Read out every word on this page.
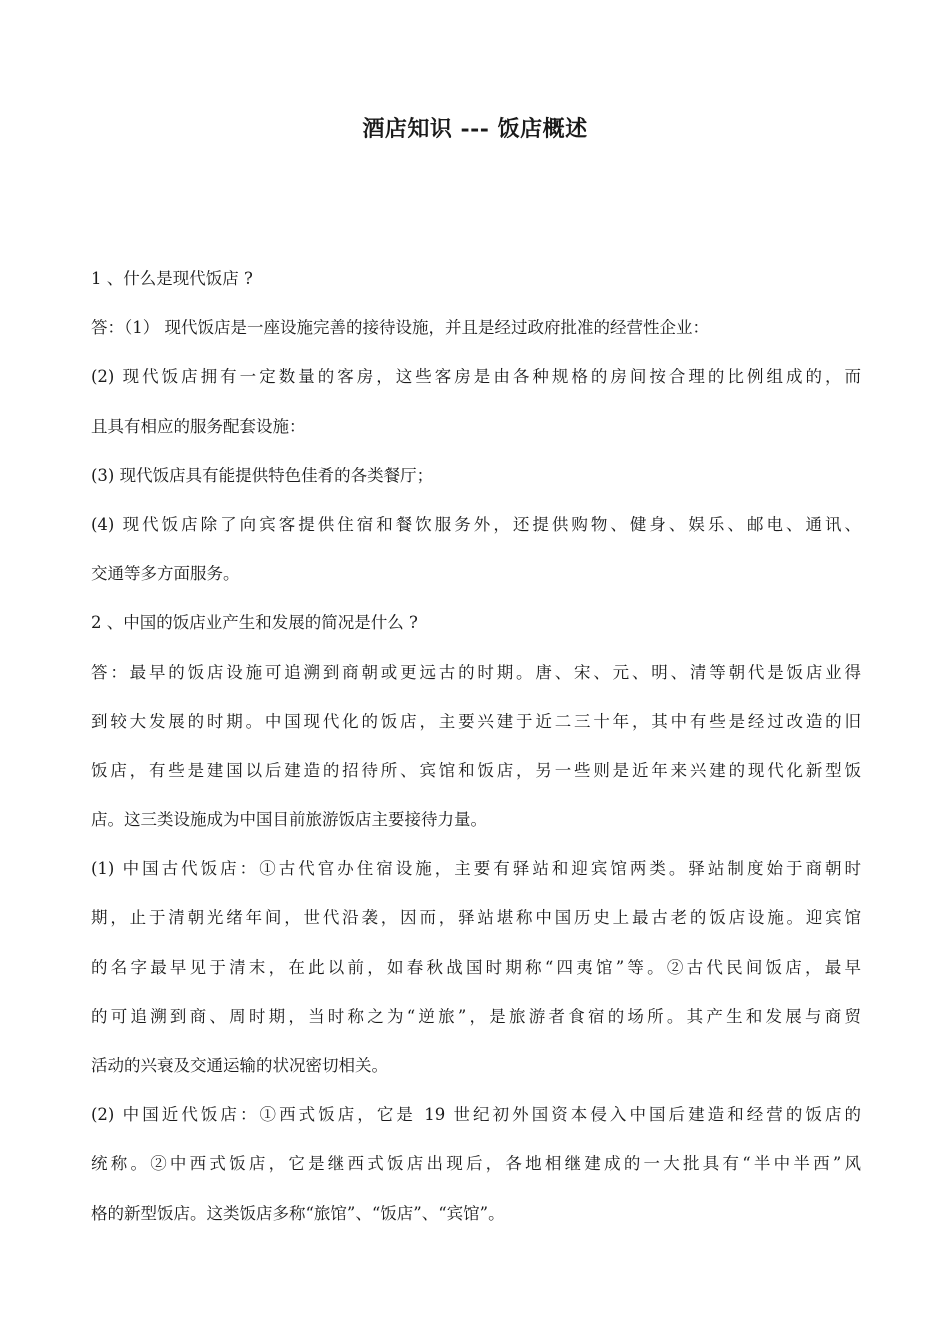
酒店知识 --- 饭店概述
1 、什么是现代饭店 ?
答：（1） 现代饭店是一座设施完善的接待设施，并且是经过政府批准的经营性企业：
(2) 现代饭店拥有一定数量的客房，这些客房是由各种规格的房间按合理的比例组成的，而
且具有相应的服务配套设施：
(3) 现代饭店具有能提供特色佳肴的各类餐厅；
(4) 现代饭店除了向宾客提供住宿和餐饮服务外，还提供购物、健身、娱乐、邮电、通讯、
交通等多方面服务。
2 、中国的饭店业产生和发展的简况是什么 ?
答：最早的饭店设施可追溯到商朝或更远古的时期。唐、宋、元、明、清等朝代是饭店业得
到较大发展的时期。中国现代化的饭店，主要兴建于近二三十年，其中有些是经过改造的旧
饭店，有些是建国以后建造的招待所、宾馆和饭店，另一些则是近年来兴建的现代化新型饭
店。这三类设施成为中国目前旅游饭店主要接待力量。
(1) 中国古代饭店：①古代官办住宿设施，主要有驿站和迎宾馆两类。驿站制度始于商朝时
期，止于清朝光绪年间，世代沿袭，因而，驿站堪称中国历史上最古老的饭店设施。迎宾馆
的名字最早见于清末，在此以前，如春秋战国时期称“四夷馆”等。②古代民间饭店，最早
的可追溯到商、周时期，当时称之为“逆旅”，是旅游者食宿的场所。其产生和发展与商贸
活动的兴衰及交通运输的状况密切相关。
(2) 中国近代饭店：①西式饭店，它是 19 世纪初外国资本侵入中国后建造和经营的饭店的
统称。②中西式饭店，它是继西式饭店出现后，各地相继建成的一大批具有“半中半西”风
格的新型饭店。这类饭店多称“旅馆”、“饭店”、“宾馆”。
